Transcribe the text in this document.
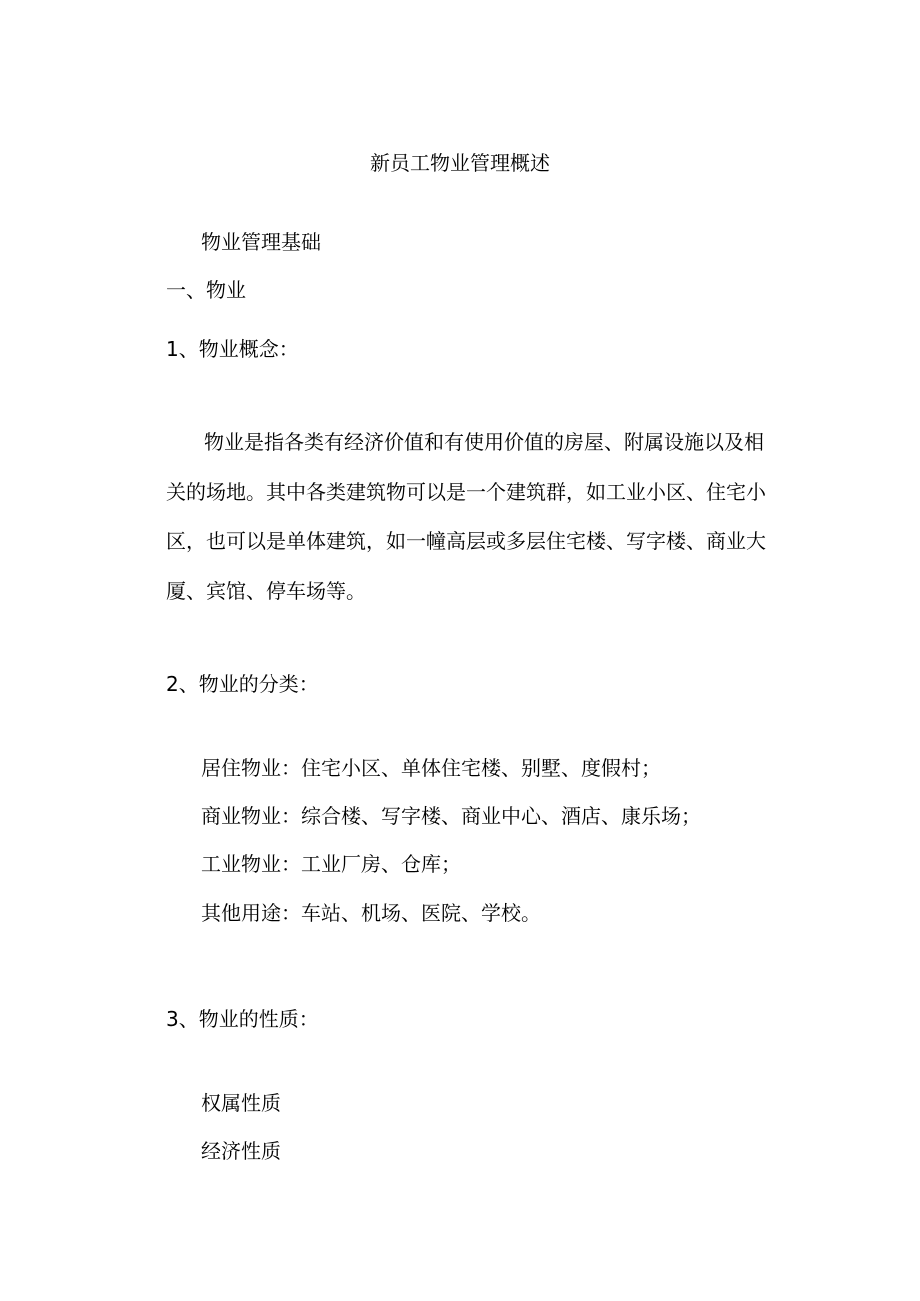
新员工物业管理概述
物业管理基础
一、物业
1、物业概念：
物业是指各类有经济价值和有使用价值的房屋、附属设施以及相关的场地。其中各类建筑物可以是一个建筑群，如工业小区、住宅小区，也可以是单体建筑，如一幢高层或多层住宅楼、写字楼、商业大厦、宾馆、停车场等。
2、物业的分类：
居住物业：住宅小区、单体住宅楼、别墅、度假村；
商业物业：综合楼、写字楼、商业中心、酒店、康乐场；
工业物业：工业厂房、仓库；
其他用途：车站、机场、医院、学校。
3、物业的性质：
权属性质
经济性质
